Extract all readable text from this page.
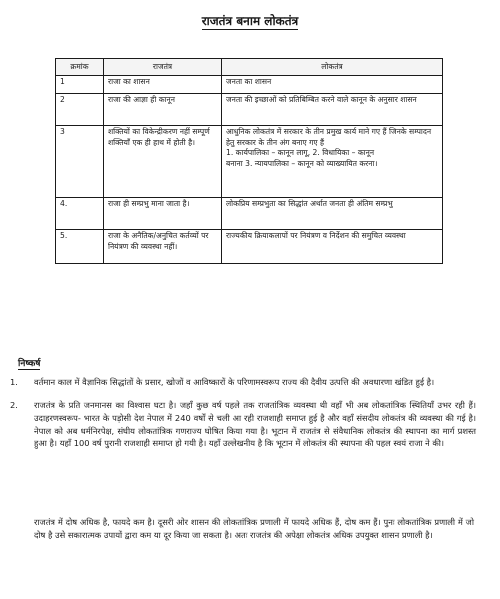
राजतंत्र बनाम लोकतंत्र
क्रमांक	राजतंत्र	लोकतंत्र
1	राजा का शासन	जनता का शासन
2	राजा की आज्ञा ही कानून	जनता की इच्छाओं को प्रतिबिम्बित करने वाले कानून के अनुसार शासन
3	शक्तियों का विकेन्द्रीकरण नहीं सम्पूर्ण शक्तियाँ एक ही हाथ में होती है।	आधुनिक लोकतंत्र में सरकार के तीन प्रमुख कार्य माने गए हैं जिनके सम्पादन हेतु सरकार के तीन अंग बनाए गए हैं
1. कार्यपालिका – कानून लागू, 2. विधायिका – कानून
बनाना 3. न्यायपालिका – कानून को व्याख्यायित करना।

4.	राजा ही सम्प्रभु माना जाता है।	लोकप्रिय सम्प्रभुता का सिद्धांत अर्थात जनता ही अंतिम सम्प्रभु
5.	राजा के अनैतिक/अनुचित कर्तव्यों पर नियंत्रण की व्यवस्था नहीं।	राज्यकीय क्रियाकलापों पर नियंत्रण व निर्देशन की समुचित व्यवस्था
निष्कर्ष
1.	वर्तमान काल में वैज्ञानिक सिद्धांतों के प्रसार, खोजों व आविष्कारों के परिणामस्वरूप राज्य की दैवीय उत्पत्ति की अवधारणा खंडित हुई है।
2.	राजतंत्र के प्रति जनमानस का विश्वास घटा है। जहाँ कुछ वर्ष पहले तक राजतांत्रिक व्यवस्था थी वहाँ भी अब लोकतांत्रिक स्थितियाँ उभर रही हैं। उदाहरणस्वरूप- भारत के पड़ोसी देश नेपाल में 240 वर्षों से चली आ रही राजशाही समाप्त हुई है और वहाँ संसदीय लोकतंत्र की व्यवस्था की गई है। नेपाल को अब धर्मनिरपेक्ष, संघीय लोकतांत्रिक गणराज्य घोषित किया गया है। भूटान में राजतंत्र से संवैधानिक लोकतंत्र की स्थापना का मार्ग प्रशस्त हुआ है। यहाँ 100 वर्ष पुरानी राजशाही समाप्त हो गयी है। यहाँ उल्लेखनीय है कि भूटान में लोकतंत्र की स्थापना की पहल स्वयं राजा ने की।
राजतंत्र में दोष अधिक है, फायदे कम है। दूसरी ओर शासन की लोकतांत्रिक प्रणाली में फायदे अधिक हैं, दोष कम हैं। पुनः लोकतांत्रिक प्रणाली में जो दोष है उसे सकारात्मक उपायों द्वारा कम या दूर किया जा सकता है। अतः राजतंत्र की अपेक्षा लोकतंत्र अधिक उपयुक्त शासन प्रणाली है।
